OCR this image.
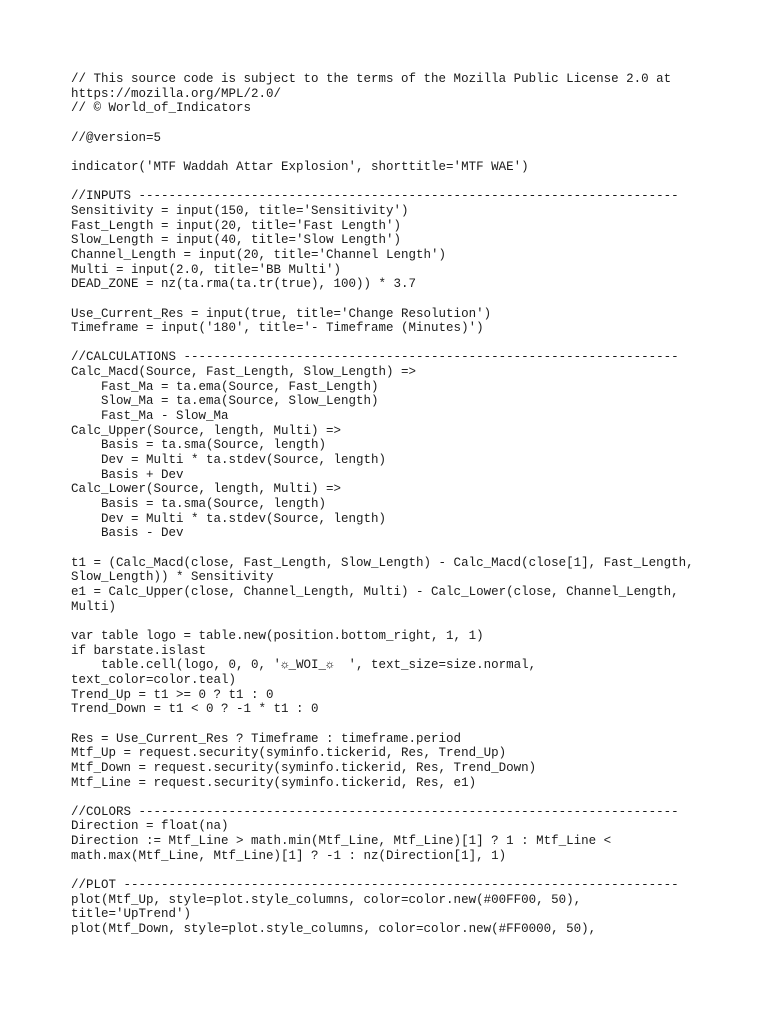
// This source code is subject to the terms of the Mozilla Public License 2.0 at
https://mozilla.org/MPL/2.0/
// © World_of_Indicators
//@version=5
indicator('MTF Waddah Attar Explosion', shorttitle='MTF WAE')
//INPUTS ------------------------------------------------------------------------
Sensitivity = input(150, title='Sensitivity')
Fast_Length = input(20, title='Fast Length')
Slow_Length = input(40, title='Slow Length')
Channel_Length = input(20, title='Channel Length')
Multi = input(2.0, title='BB Multi')
DEAD_ZONE = nz(ta.rma(ta.tr(true), 100)) * 3.7
Use_Current_Res = input(true, title='Change Resolution')
Timeframe = input('180', title='- Timeframe (Minutes)')
//CALCULATIONS ------------------------------------------------------------------
Calc_Macd(Source, Fast_Length, Slow_Length) =>
Fast_Ma = ta.ema(Source, Fast_Length)
Slow_Ma = ta.ema(Source, Slow_Length)
Fast_Ma - Slow_Ma
Calc_Upper(Source, length, Multi) =>
Basis = ta.sma(Source, length)
Dev = Multi * ta.stdev(Source, length)
Basis + Dev
Calc_Lower(Source, length, Multi) =>
Basis = ta.sma(Source, length)
Dev = Multi * ta.stdev(Source, length)
Basis - Dev
t1 = (Calc_Macd(close, Fast_Length, Slow_Length) - Calc_Macd(close[1], Fast_Length,
Slow_Length)) * Sensitivity
e1 = Calc_Upper(close, Channel_Length, Multi) - Calc_Lower(close, Channel_Length,
Multi)
var table logo = table.new(position.bottom_right, 1, 1)
if barstate.islast
table.cell(logo, 0, 0, '☼_WOI_☼  ', text_size=size.normal,
text_color=color.teal)
Trend_Up = t1 >= 0 ? t1 : 0
Trend_Down = t1 < 0 ? -1 * t1 : 0
Res = Use_Current_Res ? Timeframe : timeframe.period
Mtf_Up = request.security(syminfo.tickerid, Res, Trend_Up)
Mtf_Down = request.security(syminfo.tickerid, Res, Trend_Down)
Mtf_Line = request.security(syminfo.tickerid, Res, e1)
//COLORS ------------------------------------------------------------------------
Direction = float(na)
Direction := Mtf_Line > math.min(Mtf_Line, Mtf_Line)[1] ? 1 : Mtf_Line <
math.max(Mtf_Line, Mtf_Line)[1] ? -1 : nz(Direction[1], 1)
//PLOT --------------------------------------------------------------------------
plot(Mtf_Up, style=plot.style_columns, color=color.new(#00FF00, 50),
title='UpTrend')
plot(Mtf_Down, style=plot.style_columns, color=color.new(#FF0000, 50),
